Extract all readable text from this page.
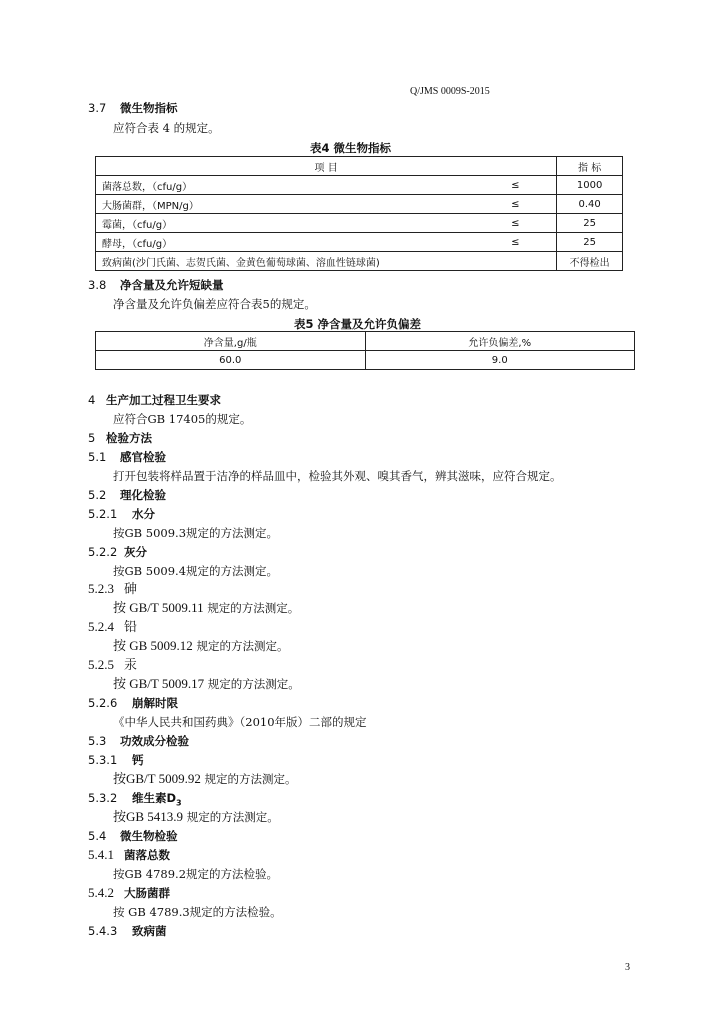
Q/JMS 0009S-2015
3.7 微生物指标
应符合表 4 的规定。
表4 微生物指标
项 目		指 标
菌落总数，（cfu/g）	≤	1000
大肠菌群，（MPN/g）	≤	0.40
霉菌，（cfu/g）	≤	25
酵母，（cfu/g）	≤	25
致病菌(沙门氏菌、志贺氏菌、金黄色葡萄球菌、溶血性链球菌)		不得检出
3.8 净含量及允许短缺量
净含量及允许负偏差应符合表5的规定。
表5 净含量及允许负偏差
净含量,g/瓶	允许负偏差,%
60.0	9.0
4 生产加工过程卫生要求
应符合GB 17405的规定。
5 检验方法
5.1 感官检验
打开包装将样品置于洁净的样品皿中，检验其外观、嗅其香气，辨其滋味，应符合规定。
5.2 理化检验
5.2.1 水分
按GB 5009.3规定的方法测定。
5.2.2 灰分
按GB 5009.4规定的方法测定。
5.2.3 砷
按 GB/T 5009.11 规定的方法测定。
5.2.4 铅
按 GB 5009.12 规定的方法测定。
5.2.5 汞
按 GB/T 5009.17 规定的方法测定。
5.2.6 崩解时限
《中华人民共和国药典》（2010年版）二部的规定
5.3 功效成分检验
5.3.1 钙
按GB/T 5009.92 规定的方法测定。
5.3.2 维生素$D_3$
按GB 5413.9 规定的方法测定。
5.4 微生物检验
5.4.1 菌落总数
按GB 4789.2规定的方法检验。
5.4.2 大肠菌群
按 GB 4789.3规定的方法检验。
5.4.3 致病菌
3
